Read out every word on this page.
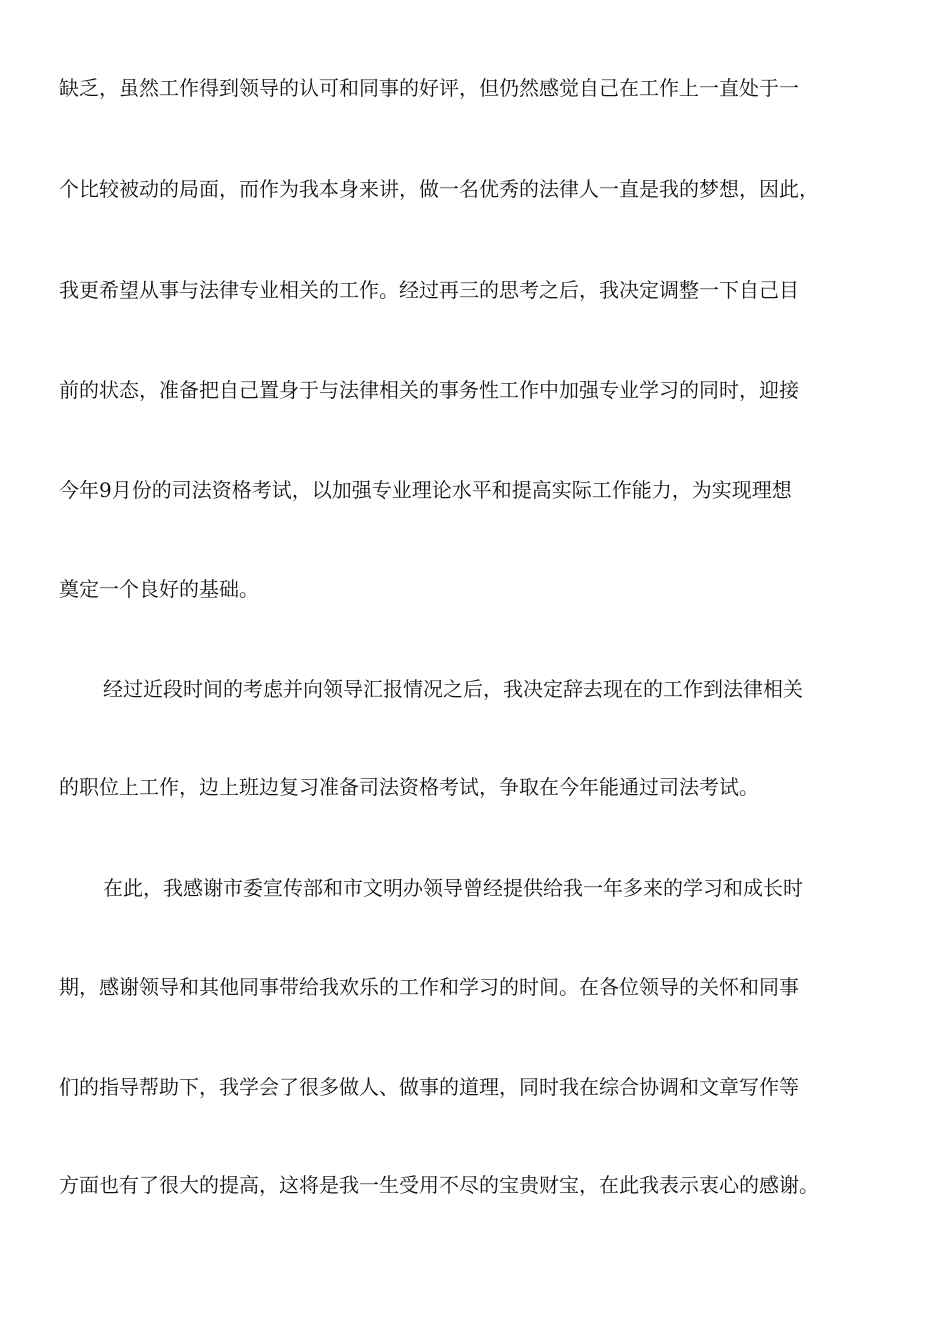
缺乏，虽然工作得到领导的认可和同事的好评，但仍然感觉自己在工作上一直处于一
个比较被动的局面，而作为我本身来讲，做一名优秀的法律人一直是我的梦想，因此，
我更希望从事与法律专业相关的工作。经过再三的思考之后，我决定调整一下自己目
前的状态，准备把自己置身于与法律相关的事务性工作中加强专业学习的同时，迎接
今年9月份的司法资格考试，以加强专业理论水平和提高实际工作能力，为实现理想
奠定一个良好的基础。
经过近段时间的考虑并向领导汇报情况之后，我决定辞去现在的工作到法律相关
的职位上工作，边上班边复习准备司法资格考试，争取在今年能通过司法考试。
在此，我感谢市委宣传部和市文明办领导曾经提供给我一年多来的学习和成长时
期，感谢领导和其他同事带给我欢乐的工作和学习的时间。在各位领导的关怀和同事
们的指导帮助下，我学会了很多做人、做事的道理，同时我在综合协调和文章写作等
方面也有了很大的提高，这将是我一生受用不尽的宝贵财宝，在此我表示衷心的感谢。
